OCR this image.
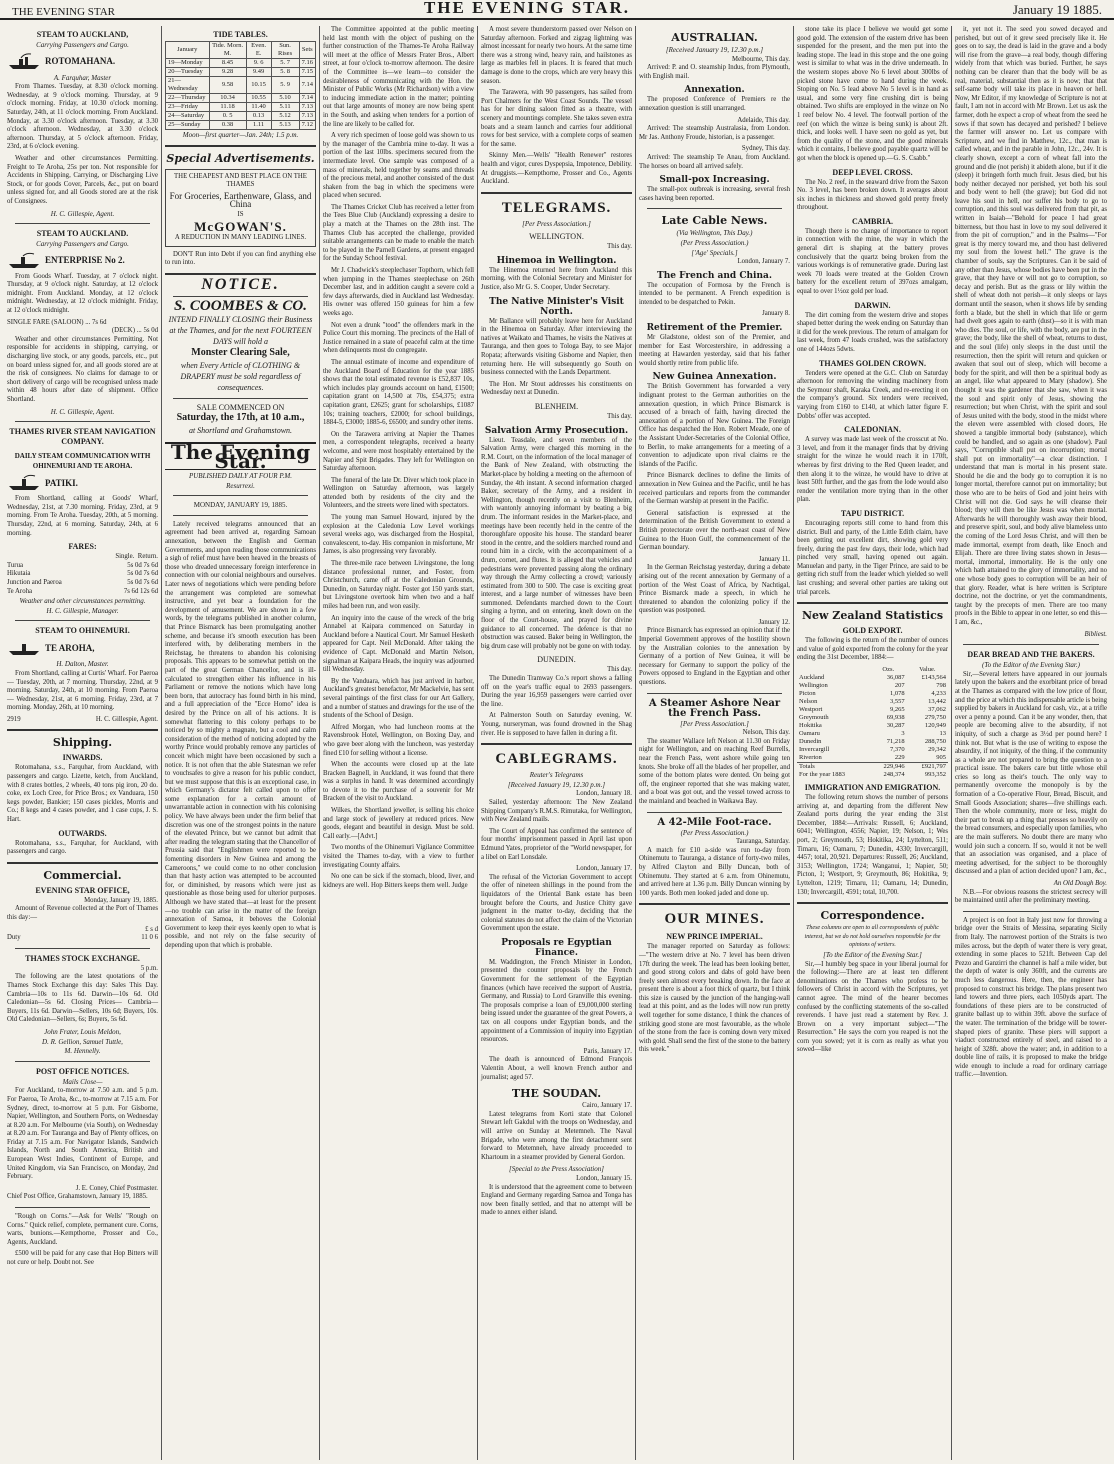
THE EVENING STAR	THE EVENING STAR.	January 19 1885.
STEAM TO AUCKLAND,
Carrying Passengers and Cargo.
ROTOMAHANA.
A. Farquhar, Master

From Thames. Tuesday, at 8.30 o'clock morning. Wednesday, at 9 o'clock morning. Thursday, at 9 o'clock morning. Friday, at 10.30 o'clock morning. Saturday, 24th, at 11 o'clock morning. From Auckland. Monday, at 3.30 o'clock afternoon. Tuesday, at 3.30 o'clock afternoon. Wednesday, at 3.30 o'clock afternoon. Thursday, at 5 o'clock afternoon. Friday, 23rd, at 6 o'clock evening.

Weather and other circumstances Permitting. Freight to Te Aroha, 25s per ton. Not responsible for Accidents in Shipping, Carrying, or Discharging Live Stock, or for goods Cover, Parcels, &c., put on board unless signed for, and all Goods stored are at the risk of Consignees.

H. C. Gillespie, Agent.
STEAM TO AUCKLAND.
Carrying Passengers and Cargo.
ENTERPRISE No 2.

From Goods Wharf. Tuesday, at 7 o'clock night. Thursday, at 9 o'clock night. Saturday, at 12 o'clock midnight. From Auckland. Monday, at 12 o'clock midnight. Wednesday, at 12 o'clock midnight. Friday, at 12 o'clock midnight.

SINGLE FARE (SALOON) ... 7s 6d
(DECK) ... 5s 0d

Weather and other circumstances Permitting. Not responsible for accidents in shipping, carrying, or discharging live stock, or any goods, parcels, etc., put on board unless signed for, and all goods stored are at the risk of consignees. No claims for damage to or short delivery of cargo will be recognised unless made within 48 hours after date of shipment. Office Shortland.

H. C. Gillespie, Agent.
THAMES RIVER STEAM NAVIGATION COMPANY.
DAILY STEAM COMMUNICATION WITH OHINEMURI AND TE AROHA.
PATIKI.

From Shortland, calling at Goods' Wharf, Wednesday, 21st, at 7.30 morning. Friday, 23rd, at 9 morning. From Te Aroha. Tuesday, 20th, at 5 morning. Thursday, 22nd, at 6 morning. Saturday, 24th, at 6 morning.

FARES:
Single. Return.
Turua	5s 0d 7s 6d
Hikutaia	5s 0d 7s 6d
Junction and Paeroa	5s 0d 7s 6d
Te Aroha	7s 6d 12s 6d
Weather and other circumstances permitting.
H. C. Gillespie, Manager.
STEAM TO OHINEMURI.
TE AROHA,
H. Dalton, Master.

From Shortland, calling at Curtis' Wharf. For Paeroa — Tuesday, 20th, at 7 morning. Thursday, 22nd, at 9 morning. Saturday, 24th, at 10 morning. From Paeroa — Wednesday, 21st, at 6 morning. Friday, 23rd, at 7 morning. Monday, 26th, at 10 morning.

2919	H. C. Gillespie, Agent.
Shipping.
INWARDS.

Rotomahana, s.s., Farquhar, from Auckland, with passengers and cargo. Lizette, ketch, from Auckland, with 8 crates bottles, 2 wheels, 40 tons pig iron, 20 do. coke, ex Loch Cree, for Price Bros.; ex Vanduara, 150 kegs powder, Bankier; 150 cases pickles, Morris and Co.; 8 kegs and 4 cases powder, and 1 case cups, J. S. Hart.

OUTWARDS.

Rotomahana, s.s., Farquhar, for Auckland, with passengers and cargo.

Commercial.
EVENING STAR OFFICE,
Monday, January 19, 1885.

Amount of Revenue collected at the Port of Thames this day:—

£ s d
Duty	11 0 6
THAMES STOCK EXCHANGE.
5 p.m.

The following are the latest quotations of the Thames Stock Exchange this day: Sales This Day. Cambria—10s to 11s 6d. Darwin—10s 6d. Old Caledonian—5s 6d. Closing Prices— Cambria—Buyers, 11s 6d. Darwin—Sellers, 10s 6d; Buyers, 10s. Old Caledonian—Sellers, 6s; Buyers, 5s 6d.

John Frater, Louis Meldon,
D. R. Gellion, Samuel Tuttle,
M. Hennelly.
POST OFFICE NOTICES.
Mails Close—

For Auckland, to-morrow at 7.50 a.m. and 5 p.m. For Paeroa, Te Aroha, &c., to-morrow at 7.15 a.m. For Sydney, direct, to-morrow at 5 p.m. For Gisborne, Napier, Wellington, and Southern Ports, on Wednesday at 8.20 a.m. For Melbourne (via South), on Wednesday at 8.20 a.m. For Tauranga and Bay of Plenty offices, on Friday at 7.15 a.m. For Navigator Islands, Sandwich Islands, North and South America, British and European West Indies, Continent of Europe, and United Kingdom, via San Francisco, on Monday, 2nd February.

J. E. Coney, Chief Postmaster.
Chief Post Office, Grahamstown, January 19, 1885.

"Rough on Corns."—Ask for Wells' "Rough on Corns." Quick relief, complete, permanent cure. Corns, warts, bunions.—Kempthorne, Prosser and Co., Agents, Auckland.

£500 will be paid for any case that Hop Bitters will not cure or help. Doubt not. See

TIDE TABLES.
January	Tide. Morn. M.	Even. E.	Sun. Rises	Sets
19—Monday	8.45	9. 6	5. 7	7.16
20—Tuesday	9.28	9.49	5. 8	7.15
21—Wednesday	9.58	10.15	5. 9	7.14
22—Thursday	10.34	10.55	5.10	7.14
23—Friday	11.18	11.40	5.11	7.13
24—Saturday	0. 5	0.13	5.12	7.13
25—Sunday	0.38	1.11	5.13	7.12
Moon—first quarter—Jan. 24th; 1.5 p.m.
Special Advertisements.
THE CHEAPEST AND BEST PLACE ON THE THAMES
For Groceries, Earthenware, Glass, and China
IS
McGOWAN'S.
A REDUCTION IN MANY LEADING LINES.

DON'T Run into Debt if you can find anything else to run into.

NOTICE.
S. COOMBES & CO.
INTEND FINALLY CLOSING their Business at the Thames, and for the next FOURTEEN DAYS will hold a
Monster Clearing Sale,
when Every Article of CLOTHING & DRAPERY must be sold regardless of consequences.
SALE COMMENCED ON
Saturday, the 17th, at 10 a.m.,
at Shortland and Grahamstown.
The Evening Star.
PUBLISHED DAILY AT FOUR P.M.
Resurrexi.
MONDAY, JANUARY 19, 1885.

Lately received telegrams announced that an agreement had been arrived at, regarding Samoan annexation, between the English and German Governments, and upon reading those communications a sigh of relief must have been heaved in the breasts of those who dreaded unnecessary foreign interference in connection with our colonial neighbours and ourselves. Later news of negotiations which were pending before the arrangement was completed are somewhat instructive, and yet bear a foundation for the development of amusement. We are shown in a few words, by the telegrams published in another column, that Prince Bismarck has been promulgating another scheme, and because it's smooth execution has been interfered with, by deliberating members in the Reichstag, he threatens to abandon his colonising proposals. This appears to be somewhat pettish on the part of the great German Chancellor, and is ill-calculated to strengthen either his influence in his Parliament or remove the notions which have long been born, that autocracy has found birth in his mind, and a full appreciation of the "Ecce Homo" idea is desired by the Prince on all of his actions. It is somewhat flattering to this colony perhaps to be noticed by so mighty a magnate, but a cool and calm consideration of the method of noticing adopted by the worthy Prince would probably remove any particles of conceit which might have been occasioned by such a notice. It is not often that the able Statesman we refer to vouchsafes to give a reason for his public conduct, but we must suppose that this is an exceptional case, in which Germany's dictator felt called upon to offer some explanation for a certain amount of unwarrantable action in connection with his colonising policy. We have always been under the firm belief that discretion was one of the strongest points in the nature of the elevated Prince, but we cannot but admit that after reading the telegram stating that the Chancellor of Prussia said that "Englishmen were reported to be fomenting disorders in New Guinea and among the Cameroons," we could come to no other conclusion than that hasty action was attempted to be accounted for, or diminished, by reasons which were just as questionable as those being used for ulterior purposes. Although we have stated that—at least for the present—no trouble can arise in the matter of the foreign annexation of Samoa, it behoves the Colonial Government to keep their eyes keenly open to what is possible, and not rely on the false security of depending upon that which is probable.

The Committee appointed at the public meeting held last month with the object of pushing on the further construction of the Thames-Te Aroha Railway will meet at the office of Messrs Frater Bros., Albert street, at four o'clock to-morrow afternoon. The desire of the Committee is—we learn—to consider the desirableness of communicating with the Hon. the Minister of Public Works (Mr Richardson) with a view to inducing immediate action in the matter; pointing out that large amounts of money are now being spent in the South, and asking when tenders for a portion of the line are likely to be called for.

A very rich specimen of loose gold was shown to us by the manager of the Cambria mine to-day. It was a portion of the last 10lbs. specimens secured from the intermediate level. One sample was composed of a mass of minerals, held together by seams and threads of the precious metal, and another consisted of the dust shaken from the bag in which the specimens were placed when secured.

The Thames Cricket Club has received a letter from the Tees Blue Club (Auckland) expressing a desire to play a match at the Thames on the 28th inst. The Thames Club has accepted the challenge, provided suitable arrangements can be made to enable the match to be played in the Parnell Gardens, at present engaged for the Sunday School festival.

Mr J. Chadwick's steeplechaser Topthorn, which fell when jumping in the Thames steeplechase on 26th December last, and in addition caught a severe cold a few days afterwards, died in Auckland last Wednesday. His owner was offered 150 guineas for him a few weeks ago.

Not even a drunk "tood" the offenders mark in the Police Court this morning. The precincts of the Hall of Justice remained in a state of peaceful calm at the time when delinquents most do congregate.

The annual estimate of income and expenditure of the Auckland Board of Education for the year 1885 shows that the total estimated revenue is £52,837 10s, which includes play grounds account on hand, £1500; capitation grant on 14,500 at 70s, £54,375; extra capitation grant, £2625; grant for scholarships, £1087 10s; training teachers, £2000; for school buildings, 1884-5, £3000; 1885-6, £6500; and sundry other items.

On the Tarawera arriving at Napier the Thames men, a correspondent telegraphs, received a hearty welcome, and were most hospitably entertained by the Napier and Spit Brigades. They left for Wellington on Saturday afternoon.

The funeral of the late Dr. Diver which took place in Wellington on Saturday afternoon, was largely attended both by residents of the city and the Volunteers, and the streets were lined with spectators.

The young man Samuel Howard, injured by the explosion at the Caledonia Low Level workings several weeks ago, was discharged from the Hospital, convalescent, to-day. His companion in misfortune, Mr James, is also progressing very favorably.

The three-mile race between Livingstone, the long distance professional runner, and Foster, from Christchurch, came off at the Caledonian Grounds, Dunedin, on Saturday night. Foster got 150 yards start, but Livingstone overtook him when two and a half miles had been run, and won easily.

An inquiry into the cause of the wreck of the brig Annabel at Kaipara commenced on Saturday in Auckland before a Nautical Court. Mr Samuel Hesketh appeared for Capt. Neil McDonald. After taking the evidence of Capt. McDonald and Martin Nelson, signalman at Kaipara Heads, the inquiry was adjourned till Wednesday.

By the Vanduara, which has just arrived in harbor, Auckland's greatest benefactor, Mr Mackelvie, has sent several paintings of the first class for our Art Gallery, and a number of statues and drawings for the use of the students of the School of Design.

Alfred Morgan, who had luncheon rooms at the Ravensbrook Hotel, Wellington, on Boxing Day, and who gave beer along with the luncheon, was yesterday fined £10 for selling without a license.

When the accounts were closed up at the late Bracken Bagnell, in Auckland, it was found that there was a surplus in hand. It was determined accordingly to devote it to the purchase of a souvenir for Mr Bracken of the visit to Auckland.

Wilkes, the Shortland jeweller, is selling his choice and large stock of jewellery at reduced prices. New goods, elegant and beautiful in design. Must be sold. Call early.—[Advt.]

Two months of the Ohinemuri Vigilance Committee visited the Thames to-day, with a view to further investigating County affairs.

No one can be sick if the stomach, blood, liver, and kidneys are well. Hop Bitters keeps them well. Judge

A most severe thunderstorm passed over Nelson on Saturday afternoon. Forked and zigzag lightning was almost incessant for nearly two hours. At the same time there was a strong wind, heavy rain, and hailstones as large as marbles fell in places. It is feared that much damage is done to the crops, which are very heavy this season.

The Tarawera, with 90 passengers, has sailed from Port Chalmers for the West Coast Sounds. The vessel has for her dining saloon fitted as a theatre, with scenery and mountings complete. She takes seven extra boats and a steam launch and carries four additional rows for best service, with a complete corps of seamen for the same.

Skinny Men.—Wells' "Health Renewer" restores health and vigor, cures Dyspepsia, Impotence, Debility. At druggists.—Kempthorne, Prosser and Co., Agents Auckland.

TELEGRAMS.
[Per Press Association.]
WELLINGTON.
This day.
Hinemoa in Wellington.

The Hinemoa returned here from Auckland this morning, with the Colonial Secretary and Minister for Justice, also Mr G. S. Cooper, Under Secretary.

The Native Minister's Visit North.

Mr Ballance will probably leave here for Auckland in the Hinemoa on Saturday. After interviewing the natives at Waikato and Thames, he visits the Natives at Tauranga, and then goes to Tologa Bay, to see Major Ropata; afterwards visiting Gisborne and Napier, then returning here. He will subsequently go South on business connected with the Lands Department.

The Hon. Mr Stout addresses his constituents on Wednesday next at Dunedin.

BLENHEIM.
This day.
Salvation Army Prosecution.

Lieut. Teasdale, and seven members of the Salvation Army, were charged this morning in the R.M. Court, on the information of the local manager of the Bank of New Zealand, with obstructing the Market-place by holding a meeting on the afternoon of Sunday, the 4th instant. A second information charged Baker, secretary of the Army, and a resident in Wellington, though recently on a visit to Blenheim, with wantonly annoying informant by beating a big drum. The informant resides in the Market-place, and meetings have been recently held in the centre of the thoroughfare opposite his house. The standard bearer stood in the centre, and the soldiers marched round and round him in a circle, with the accompaniment of a drum, cornet, and flutes. It is alleged that vehicles and pedestrians were prevented passing along the ordinary way through the Army collecting a crowd; variously estimated from 300 to 500. The case is exciting great interest, and a large number of witnesses have been summoned. Defendants marched down to the Court singing a hymn, and on entering, knelt down on the floor of the Court-house, and prayed for divine guidance to all concerned. The defence is that no obstruction was caused. Baker being in Wellington, the big drum case will probably not be gone on with today.

DUNEDIN.
This day.

The Dunedin Tramway Co.'s report shows a falling off on the year's traffic equal to 2693 passengers. During the year 16,959 passengers were carried over the line.

At Palmerston South on Saturday evening, W. Young, nurseryman, was found drowned in the Shag river. He is supposed to have fallen in during a fit.

CABLEGRAMS.
Reuter's Telegrams
[Received January 19, 12.30 p.m.]
London, January 18.

Sailed, yesterday afternoon: The New Zealand Shipping Company's R.M.S. Rimutaka, for Wellington, with New Zealand mails.

The Court of Appeal has confirmed the sentence of four months' imprisonment passed in April last upon Edmund Yates, proprietor of the "World newspaper, for a libel on Earl Lonsdale.

London, January 17.

The refusal of the Victorian Government to accept the offer of nineteen shillings in the pound from the liquidators of the Oriental Bank estate has been brought before the Courts, and Justice Chitty gave judgment in the matter to-day, deciding that the colonial statutes do not affect the claim of the Victorian Government upon the estate.

Proposals re Egyptian Finance.

M. Waddington, the French Minister in London, presented the counter proposals by the French Government for the settlement of the Egyptian finances (which have received the support of Austria, Germany, and Russia) to Lord Granville this evening. The proposals comprise a loan of £9,000,000 sterling being issued under the guarantee of the great Powers, a tax on all coupons under Egyptian bonds, and the appointment of a Commission of inquiry into Egyptian resources.

Paris, January 17.

The death is announced of Edmond François Valentin About, a well known French author and journalist; aged 57.

THE SOUDAN.
Cairo, January 17.

Latest telegrams from Korti state that Colonel Stewart left Gakdul with the troops on Wednesday, and will arrive on Sunday at Metemneh. The Naval Brigade, who were among the first detachment sent forward to Metemneh, have already proceeded to Khartoum in a steamer provided by General Gordon.

[Special to the Press Association]
London, January 15.

It is understood that the agreement come to between England and Germany regarding Samoa and Tonga has now been finally settled, and that no attempt will be made to annex either island.

AUSTRALIAN.
[Received January 19, 12.30 p.m.]
Melbourne, This day.

Arrived: P. and O. steamship Indus, from Plymouth, with English mail.

Annexation.

The proposed Conference of Premiers re the annexation question is still unarranged.

Adelaide, This day.

Arrived: The steamship Australasia, from London. Mr Jas. Anthony Froude, historian, is a passenger.

Sydney, This day.

Arrived: The steamship Te Anau, from Auckland. The horses on board all arrived safely.

Small-pox Increasing.

The small-pox outbreak is increasing, several fresh cases having been reported.

Late Cable News.
(Via Wellington, This Day.)
(Per Press Association.)
['Age' Specials.]
London, January 7.
The French and China.

The occupation of Formosa by the French is intended to be permanent. A French expedition is intended to be despatched to Pekin.

January 8.
Retirement of the Premier.

Mr Gladstone, oldest son of the Premier, and member for East Worcestershire, in addressing a meeting at Hawarden yesterday, said that his father would shortly retire from public life.

New Guinea Annexation.

The British Government has forwarded a very indignant protest to the German authorities on the annexation question, in which Prince Bismarck is accused of a breach of faith, having directed the annexation of a portion of New Guinea. The Foreign Office has despatched the Hon. Robert Meade, one of the Assistant Under-Secretaries of the Colonial Office, to Berlin, to make arrangements for a meeting of a convention to adjudicate upon rival claims re the islands of the Pacific.

Prince Bismarck declines to define the limits of annexation in New Guinea and the Pacific, until he has received particulars and reports from the commander of the German warship at present in the Pacific.

General satisfaction is expressed at the determination of the British Government to extend a British protectorate over the north-east coast of New Guinea to the Huon Gulf, the commencement of the German boundary.

January 11.

In the German Reichstag yesterday, during a debate arising out of the recent annexation by Germany of a portion of the West Coast of Africa, by Nachtigal, Prince Bismarck made a speech, in which he threatened to abandon the colonizing policy if the question was postponed.

January 12.

Prince Bismarck has expressed an opinion that if the Imperial Government approves of the hostility shown by the Australian colonies to the annexation by Germany of a portion of New Guinea, it will be necessary for Germany to support the policy of the Powers opposed to England in the Egyptian and other questions.

A Steamer Ashore Near the French Pass.
[Per Press Association.]
Nelson, This day.

The steamer Wallace left Nelson at 11.30 on Friday night for Wellington, and on reaching Reef Burrells, near the French Pass, went ashore while going ten knots. She broke off all the blades of her propeller, and some of the bottom plates were dented. On being got off, the engineer reported that she was making water, and a boat was got out, and the vessel towed across to the mainland and beached in Waikawa Bay.

A 42-Mile Foot-race.
(Per Press Association.)
Tauranga, Saturday.

A match for £10 a-side was run to-day from Ohinemutu to Tauranga, a distance of forty-two miles, by Alfred Clayton and Billy Duncan, both of Ohinemutu. They started at 6 a.m. from Ohinemutu, and arrived here at 1.36 p.m. Billy Duncan winning by 100 yards. Both men looked jaded and done up.

OUR MINES.
NEW PRINCE IMPERIAL.

The manager reported on Saturday as follows:—"The western drive at No. 7 level has been driven 17ft during the week. The lead has been looking better, and good strong colors and dabs of gold have been freely seen almost every breaking down. In the face at present there is about a foot thick of quartz, but I think this size is caused by the junction of the hanging-wall lead at this point, and as the lodes will now run pretty well together for some distance, I think the chances of striking good stone are most favourable, as the whole of the stone from the face is coming down very mixed with gold. Shall send the first of the stone to the battery this week."

stone take its place I believe we would get some good gold. The extension of the eastern drive has been suspended for the present, and the men put into the leading stope. The lead in this stope and the one going west is similar to what was in the drive underneath. In the western stopes above No 6 level about 300lbs of picked stone have come to hand during the week. Stoping on No. 5 lead above No 5 level is in hand as usual, and some very fine crushing dirt is being obtained. Two shifts are employed in the winze on No 1 reef below No. 4 level. The footwall portion of the reef (on which the winze is being sunk) is about 2ft. thick, and looks well. I have seen no gold as yet, but from the quality of the stone, and the good minerals which it contains, I believe good payable quartz will be got when the block is opened up.—G. S. Csabb."

DEEP LEVEL CROSS.

The No. 2 reef, in the seaward drive from the Saxon No. 3 level, has been broken down. It averages about six inches in thickness and showed gold pretty freely throughout.

CAMBRIA.

Though there is no change of importance to report in connection with the mine, the way in which the general dirt is shaping at the battery proves conclusively that the quartz being broken from the various workings is of remunerative grade. During last week 70 loads were treated at the Golden Crown battery for the excellent return of 397ozs amalgam, equal to over 1½oz gold per load.

DARWIN.

The dirt coming from the western drive and stopes shaped better during the week ending on Saturday than it did for the week previous. The return of amalgam for last week, from 47 loads crushed, was the satisfactory one of 144ozs 5dwts.

THAMES GOLDEN CROWN.

Tenders were opened at the G.C. Club on Saturday afternoon for removing the winding machinery from the Seymour shaft, Karaka Creek, and re-erecting it on the company's ground. Six tenders were received, varying from £160 to £140, at which latter figure F. Dobbs' offer was accepted.

CALEDONIAN.

A survey was made last week of the crosscut at No. 3 level, and from it the manager finds that by driving straight for the winze he would reach it in 170ft, whereas by first driving to the Red Queen leader, and then along it to the winze, he would have to drive at least 50ft further, and the gas from the lode would also render the ventilation more trying than in the other plan.

TAPU DISTRICT.

Encouraging reports still come to hand from this district. Bull and party, of the Little Edith claim, have been getting out excellent dirt, showing gold very freely, during the past few days, their lode, which had pinched very small, having opened out again. Manuelan and party, in the Tiger Prince, are said to be getting rich stuff from the leader which yielded so well last crushing; and several other parties are taking out trial parcels.

New Zealand Statistics
GOLD EXPORT.

The following is the return of the number of ounces and value of gold exported from the colony for the year ending the 31st December, 1884:—

	Ozs.	Value.
Auckland	36,087	£143,564
Wellington	207	798
Picton	1,078	4,233
Nelson	3,557	13,442
Westport	9,265	37,062
Greymouth	69,938	279,750
Hokitika	30,287	120,949
Oamaru	3	13
Dunedin	71,218	288,750
Invercargill	7,370	29,342
Riverton	229	905
Totals	229,946	£921,797
For the year 1883	248,374	993,352
IMMIGRATION AND EMIGRATION.

The following return shows the number of persons arriving at, and departing from the different New Zealand ports during the year ending the 31st December, 1884:—Arrivals: Russell, 6; Auckland, 6041; Wellington, 4556; Napier, 19; Nelson, 1; Wes port, 2; Greymouth, 53; Hokitika, 24; Lyttelton, 511; Timaru, 16; Oamaru, 7; Dunedin, 4330; Invercargill, 4457; total, 20,921. Departures: Russell, 26; Auckland, 3153; Wellington, 1724; Wanganui, 1; Napier, 50; Picton, 1; Westport, 9; Greymouth, 86; Hokitika, 9; Lyttelton, 1219; Timaru, 11; Oamaru, 14; Dunedin, 130; Invercargill, 4591; total, 10,700.

Correspondence.
These columns are open to all correspondents of public interest, but we do not hold ourselves responsible for the opinions of writers.
[To the Editor of the Evening Star.]

Sir,—I humbly beg space in your liberal journal for the following:—There are at least ten different denominations on the Thames who profess to be followers of Christ in accord with the Scriptures, yet cannot agree. The mind of the hearer becomes confused by the conflicting statements of the so-called reverends. I have just read a statement by Rev. J. Brown on a very important subject—"The Resurrection." He says the corn you reaped is not the corn you sowed; yet it is corn as really as what you sowed—like

it, yet not it. The seed you sowed decayed and perished, but out of it grew seed precisely like it. He goes on to say, the dead is laid in the grave and a body will rise from the grave—a real body, though differing widely from that which was buried. Further, he says nothing can be clearer than that the body will be as real, material, substantial then as it is now; that that self-same body will take its place in heaven or hell. Now, Mr Editor, if my knowledge of Scripture is not at fault, I am not in accord with Mr Brown. Let us ask the farmer, doth he expect a crop of wheat from the seed he sows if that sown has decayed and perished? I believe the farmer will answer no. Let us compare with Scripture, and we find in Matthew, 12c., that man is called wheat, and in the parable in John, 12c., 24v. It is clearly shown, except a corn of wheat fall into the ground and die (not perish) it abideth alone, but if it die (sleep) it bringeth forth much fruit. Jesus died, but his body neither decayed nor perished, yet both his soul and body went to hell (the grave); but God did not leave his soul in hell, nor suffer his body to go to corruption, and this soul was delivered from that pit, as written in Isaiah—"Behold for peace I had great bitterness, but thou hast in love to my soul delivered it from the pit of corruption," and in the Psalms—"For great is thy mercy toward me, and thou hast delivered my soul from the lowest hell." The grave is the chamber of souls, say the Scriptures. Can it be said of any other than Jesus, whose bodies have been put in the grave, that they have or will not go to corruption, so decay and perish. But as the grass or lily within the shell of wheat doth not perish—it only sleeps or lays dormant until the season, when it shows life by sending forth a blade, but the shell in which that life or germ had dwelt goes again to earth (dust)—so it is with man who dies. The soul, or life, with the body, are put in the grave; the body, like the shell of wheat, returns to dust, and the soul (life) only sleeps in the dust until the resurrection, then the spirit will return and quicken or awaken that soul out of sleep, which will become a body for the spirit, and will then be a spiritual body as an angel, like what appeared to Mary (shadow). She thought it was the gardener that she saw, when it was the soul and spirit only of Jesus, showing the resurrection; but when Christ, with the spirit and soul of Jesus united with the body, stood in the midst where the eleven were assembled with closed doors, He showed a tangible immortal body (substance), which could be handled, and so again as one (shadow). Paul says, "Corruptible shall put on incorruption; mortal shall put on immortality"—a clear distinction. I understand that man is mortal in his present state. Should he die and the body go to corruption it is no longer mortal, therefore cannot put on immortality; but those who are to be heirs of God and joint heirs with Christ will not die. God says he will cleanse their blood; they will then be like Jesus was when mortal. Afterwards he will thoroughly wash away their blood, and preserve spirit, soul, and body alive blameless unto the coming of the Lord Jesus Christ, and will then be made immortal, exempt from death, like Enoch and Elijah. There are three living states shown in Jesus—mortal, immortal, immortality. He is the only one which hath attained to the glory of immortality, and no one whose body goes to corruption will be an heir of that glory. Reader, what is here written is Scripture doctrine, not the doctrine, or yet the commandments, taught by the precepts of men. There are too many proofs in the Bible to appear in one letter, so end this—I am, &c.,

Bibliest.
DEAR BREAD AND THE BAKERS.
(To the Editor of the Evening Star.)

Sir,—Several letters have appeared in our journals lately upon the bakers and the exorbitant price of bread at the Thames as compared with the low price of flour, and the price at which this indispensable article is being supplied by bakers in Auckland for cash, viz., at a trifle over a penny a pound. Can it be any wonder, then, that people are becoming alive to the absurdity, if not iniquity, of such a charge as 3½d per pound here? I think not. But what is the use of writing to expose the absurdity, if not iniquity, of the thing, if the community as a whole are not prepared to bring the question to a practical issue. The bakers care but little whose ehil cries so long as their's touch. The only way to permanently overcome the monopoly is by the formation of a Co-operative Flour, Bread, Biscuit, and Small Goods Association; shares—five shillings each. Then the whole community, more or less, might do their part to break up a thing that presses so heavily on the bread consumers, and especially upon families, who are the main sufferers. No doubt there are many who would join such a concern. If so, would it not be well that an association was organised, and a place of meeting advertised, for the subject to be thoroughly discussed and a plan of action decided upon? I am, &c.,

An Old Dough Boy.

N.B.—For obvious reasons the strictest secrecy will be maintained until after the preliminary meeting.

A project is on foot in Italy just now for throwing a bridge over the Straits of Messina, separating Sicily from Italy. The narrowest portion of the Straits is two miles across, but the depth of water there is very great, extending in some places to 521ft. Between Cap del Pezzo and Ganzirri the channel is half a mile wider, but the depth of water is only 360ft, and the currents are much less dangerous. Here, then, the engineer has proposed to construct his bridge. The plans present two land towers and three piers, each 1050yds apart. The foundations of these piers are to be constructed of granite ballast up to within 39ft. above the surface of the water. The termination of the bridge will be tower-shaped piers of granite. These piers will support a viaduct constructed entirely of steel, and raised to a height of 328ft. above the water; and, in addition to a double line of rails, it is proposed to make the bridge wide enough to include a road for ordinary carriage traffic.—Invention.
